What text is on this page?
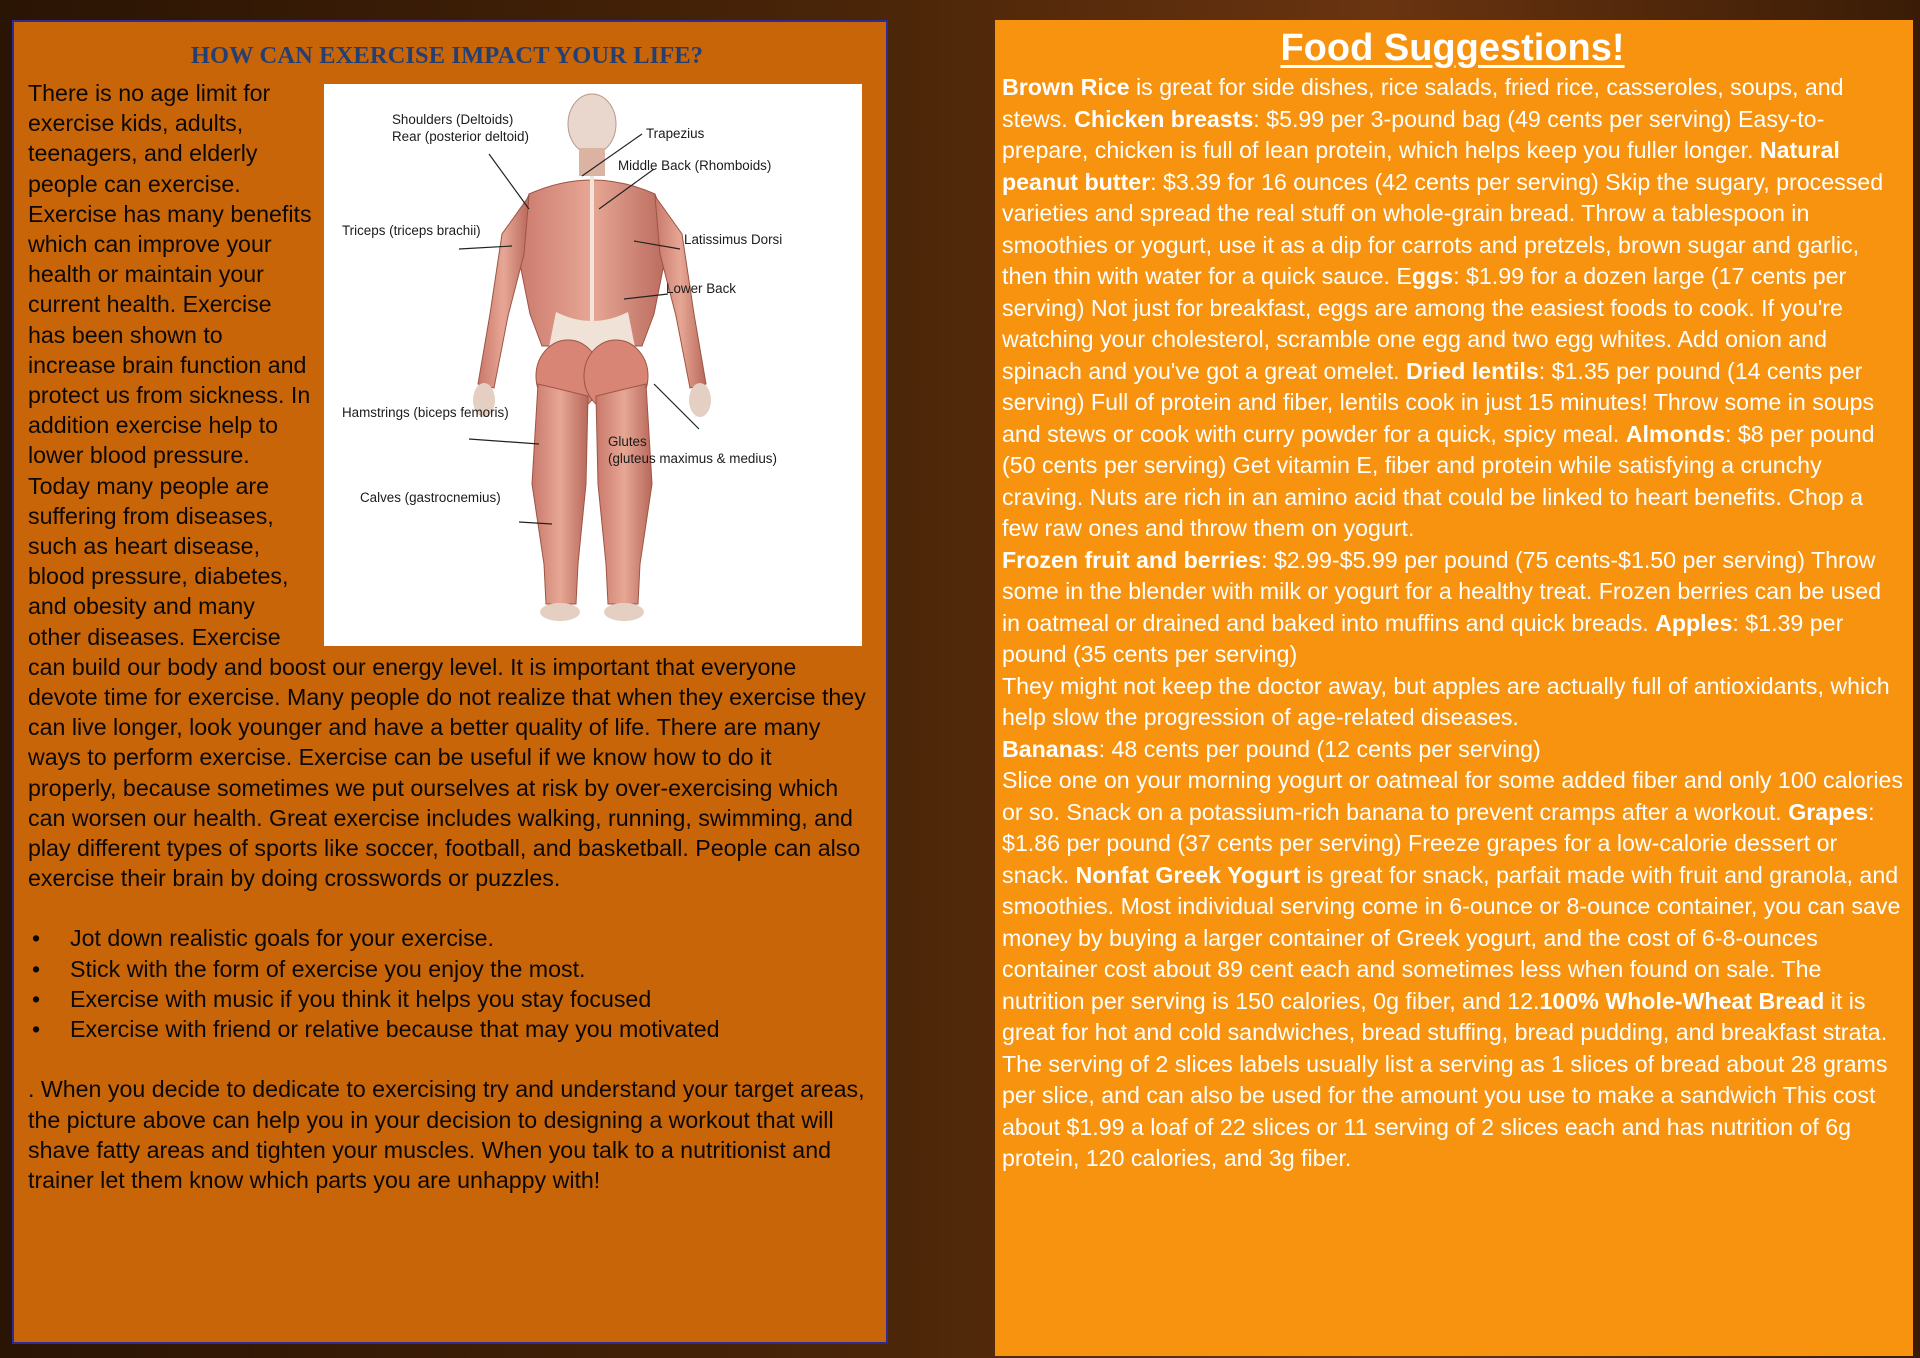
HOW CAN EXERCISE IMPACT YOUR LIFE?
Shoulders (Deltoids)
Rear (posterior deltoid)	Trapezius
Middle Back (Rhomboids)
Triceps (triceps brachii)
Latissimus Dorsi
Lower Back
Hamstrings (biceps femoris)
Glutes
(gluteus maximus & medius)
Calves (gastrocnemius)

There is no age limit for exercise kids, adults, teenagers, and elderly people can exercise. Exercise has many benefits which can improve your health or maintain your current health. Exercise has been shown to increase brain function and protect us from sickness. In addition exercise help to lower blood pressure. Today many people are suffering from diseases, such as heart disease, blood pressure, diabetes, and obesity and many other diseases. Exercise can build our body and boost our energy level. It is important that everyone devote time for exercise. Many people do not realize that when they exercise they can live longer, look younger and have a better quality of life. There are many ways to perform exercise. Exercise can be useful if we know how to do it properly, because sometimes we put ourselves at risk by over-exercising which can worsen our health. Great exercise includes walking, running, swimming, and play different types of sports like soccer, football, and basketball. People can also exercise their brain by doing crosswords or puzzles.

• Jot down realistic goals for your exercise.
• Stick with the form of exercise you enjoy the most.
• Exercise with music if you think it helps you stay focused
• Exercise with friend or relative because that may you motivated

. When you decide to dedicate to exercising try and understand your target areas, the picture above can help you in your decision to designing a workout that will shave fatty areas and tighten your muscles. When you talk to a nutritionist and trainer let them know which parts you are unhappy with!

Food Suggestions!

Brown Rice is great for side dishes, rice salads, fried rice, casseroles, soups, and stews. Chicken breasts: $5.99 per 3-pound bag (49 cents per serving) Easy-to-prepare, chicken is full of lean protein, which helps keep you fuller longer. Natural peanut butter: $3.39 for 16 ounces (42 cents per serving) Skip the sugary, processed varieties and spread the real stuff on whole-grain bread. Throw a tablespoon in smoothies or yogurt, use it as a dip for carrots and pretzels, brown sugar and garlic, then thin with water for a quick sauce. Eggs: $1.99 for a dozen large (17 cents per serving) Not just for breakfast, eggs are among the easiest foods to cook. If you're watching your cholesterol, scramble one egg and two egg whites. Add onion and spinach and you've got a great omelet. Dried lentils: $1.35 per pound (14 cents per serving) Full of protein and fiber, lentils cook in just 15 minutes! Throw some in soups and stews or cook with curry powder for a quick, spicy meal. Almonds: $8 per pound (50 cents per serving) Get vitamin E, fiber and protein while satisfying a crunchy craving. Nuts are rich in an amino acid that could be linked to heart benefits. Chop a few raw ones and throw them on yogurt.
Frozen fruit and berries: $2.99-$5.99 per pound (75 cents-$1.50 per serving) Throw some in the blender with milk or yogurt for a healthy treat. Frozen berries can be used in oatmeal or drained and baked into muffins and quick breads. Apples: $1.39 per pound (35 cents per serving)
They might not keep the doctor away, but apples are actually full of antioxidants, which help slow the progression of age-related diseases.
Bananas: 48 cents per pound (12 cents per serving)
Slice one on your morning yogurt or oatmeal for some added fiber and only 100 calories or so. Snack on a potassium-rich banana to prevent cramps after a workout. Grapes: $1.86 per pound (37 cents per serving) Freeze grapes for a low-calorie dessert or snack. Nonfat Greek Yogurt is great for snack, parfait made with fruit and granola, and smoothies. Most individual serving come in 6-ounce or 8-ounce container, you can save money by buying a larger container of Greek yogurt, and the cost of 6-8-ounces container cost about 89 cent each and sometimes less when found on sale. The nutrition per serving is 150 calories, 0g fiber, and 12.100% Whole-Wheat Bread it is great for hot and cold sandwiches, bread stuffing, bread pudding, and breakfast strata. The serving of 2 slices labels usually list a serving as 1 slices of bread about 28 grams per slice, and can also be used for the amount you use to make a sandwich This cost about $1.99 a loaf of 22 slices or 11 serving of 2 slices each and has nutrition of 6g protein, 120 calories, and 3g fiber.
